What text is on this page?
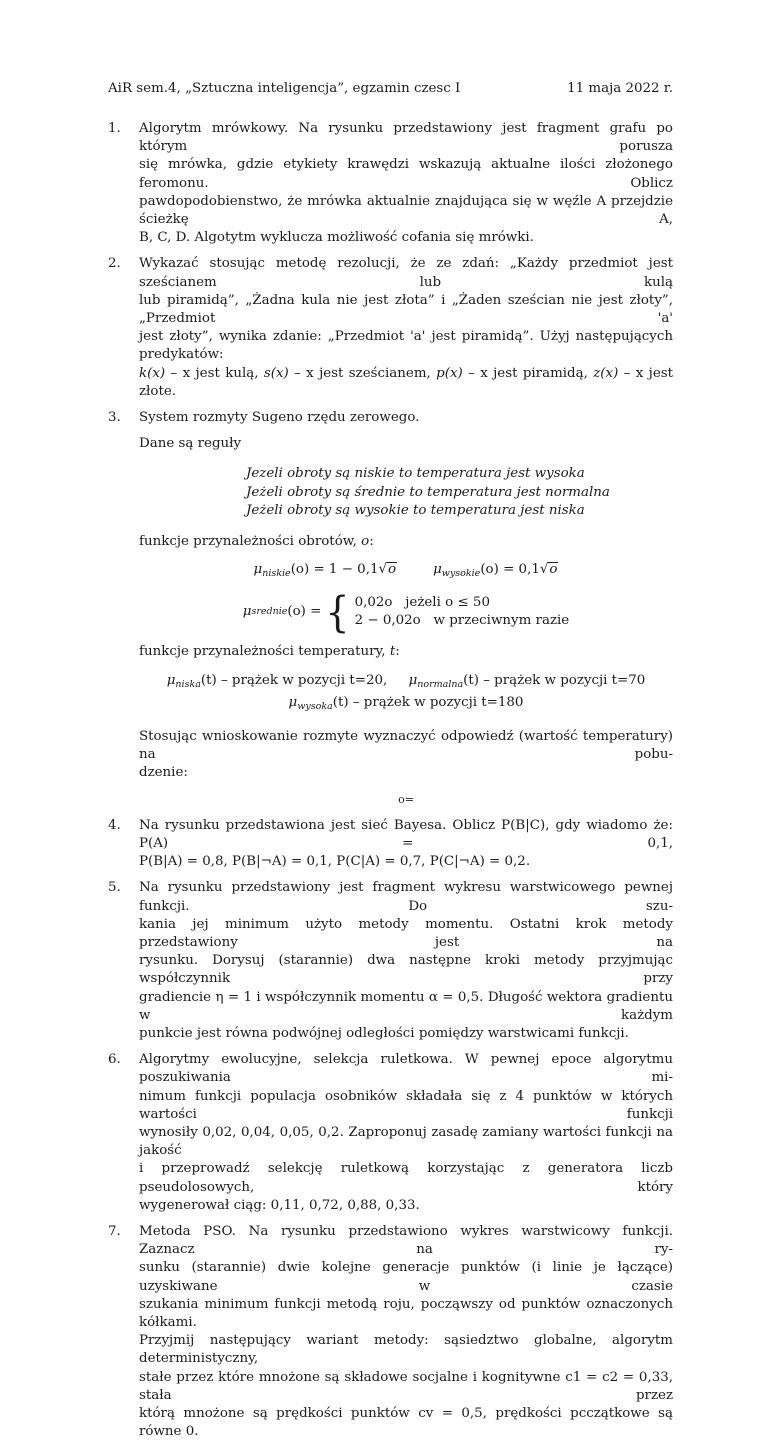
AiR sem.4, „Sztuczna inteligencja”, egzamin czesc I	11 maja 2022 r.
1. Algorytm mrówkowy. Na rysunku przedstawiony jest fragment grafu po którym porusza
się mrówka, gdzie etykiety krawędzi wskazują aktualne ilości złożonego feromonu. Oblicz
pawdopodobienstwo, że mrówka aktualnie znajdująca się w węźle A przejdzie ścieżkę A,
B, C, D. Algotytm wyklucza możliwość cofania się mrówki.
2. Wykazać stosując metodę rezolucji, że ze zdań: „Każdy przedmiot jest sześcianem lub kulą
lub piramidą”, „Żadna kula nie jest złota” i „Żaden sześcian nie jest złoty”, „Przedmiot 'a'
jest złoty”, wynika zdanie: „Przedmiot 'a' jest piramidą”. Użyj następujących predykatów:
k(x) – x jest kulą, s(x) – x jest sześcianem, p(x) – x jest piramidą, z(x) – x jest złote.
3. System rozmyty Sugeno rzędu zerowego.
Dane są reguły
Jezeli obroty są niskie to temperatura jest wysoka
Jeżeli obroty są średnie to temperatura jest normalna
Jeżeli obroty są wysokie to temperatura jest niska
funkcje przynależności obrotów, o:
$\mu_{niskie}(o) = 1 - 0,1√o$	$\mu_{wysokie}(o) = 0,1√o$
μ srednie (o) = { 0,02o jeżeli o ≤ 50
2 − 0,02o w przeciwnym razie
funkcje przynależności temperatury, t:
$\mu_{niska}(t)$ – prążek w pozycji t=20, $\mu_{normalna}(t)$ – prążek w pozycji t=70
$\mu_{wysoka}(t)$ – prążek w pozycji t=180
Stosując wnioskowanie rozmyte wyznaczyć odpowiedź (wartość temperatury) na pobu-
dzenie:
o=
4. Na rysunku przedstawiona jest sieć Bayesa. Oblicz P(B|C), gdy wiadomo że: P(A) = 0,1,
P(B|A) = 0,8, P(B|¬A) = 0,1, P(C|A) = 0,7, P(C|¬A) = 0,2.
5. Na rysunku przedstawiony jest fragment wykresu warstwicowego pewnej funkcji. Do szu-
kania jej minimum użyto metody momentu. Ostatni krok metody przedstawiony jest na
rysunku. Dorysuj (starannie) dwa następne kroki metody przyjmując współczynnik przy
gradiencie η = 1 i współczynnik momentu α = 0,5. Długość wektora gradientu w każdym
punkcie jest równa podwójnej odległości pomiędzy warstwicami funkcji.
6. Algorytmy ewolucyjne, selekcja ruletkowa. W pewnej epoce algorytmu poszukiwania mi-
nimum funkcji populacja osobników składała się z 4 punktów w których wartości funkcji
wynosiły 0,02, 0,04, 0,05, 0,2. Zaproponuj zasadę zamiany wartości funkcji na jakość
i przeprowadź selekcję ruletkową korzystając z generatora liczb pseudolosowych, który
wygenerował ciąg: 0,11, 0,72, 0,88, 0,33.
7. Metoda PSO. Na rysunku przedstawiono wykres warstwicowy funkcji. Zaznacz na ry-
sunku (starannie) dwie kolejne generacje punktów (i linie je łączące) uzyskiwane w czasie
szukania minimum funkcji metodą roju, począwszy od punktów oznaczonych kółkami.
Przyjmij następujący wariant metody: sąsiedztwo globalne, algorytm deterministyczny,
stałe przez które mnożone są składowe socjalne i kognitywne c1 = c2 = 0,33, stała przez
którą mnożone są prędkości punktów cv = 0,5, prędkości pcczątkowe są równe 0.
